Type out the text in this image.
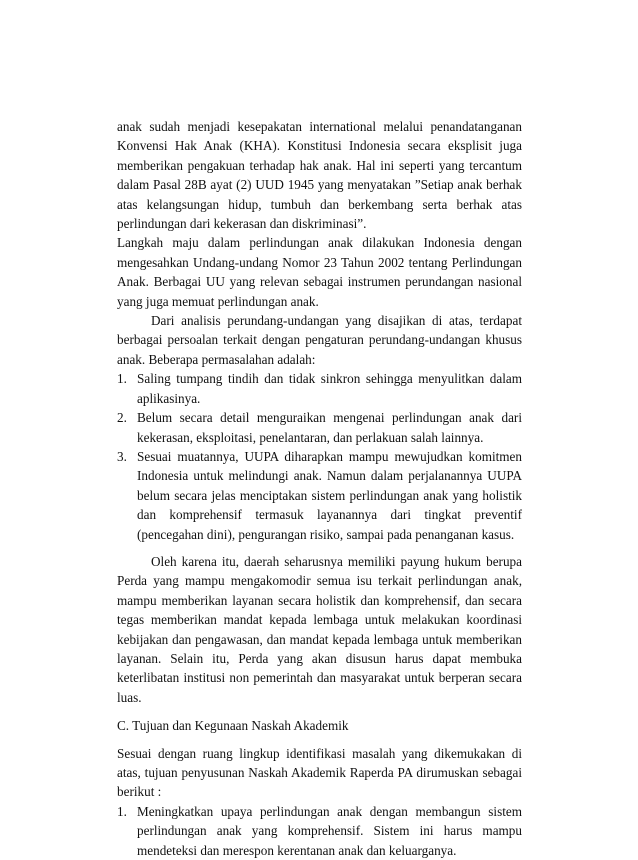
anak sudah menjadi kesepakatan international melalui penandatanganan Konvensi Hak Anak (KHA). Konstitusi Indonesia secara eksplisit juga memberikan pengakuan terhadap hak anak. Hal ini seperti yang tercantum dalam Pasal 28B ayat (2) UUD 1945 yang menyatakan ”Setiap anak berhak atas kelangsungan hidup, tumbuh dan berkembang serta berhak atas perlindungan dari kekerasan dan diskriminasi”.

Langkah maju dalam perlindungan anak dilakukan Indonesia dengan mengesahkan Undang-undang Nomor 23 Tahun 2002 tentang Perlindungan Anak. Berbagai UU yang relevan sebagai instrumen perundangan nasional yang juga memuat perlindungan anak.

Dari analisis perundang-undangan yang disajikan di atas, terdapat berbagai persoalan terkait dengan pengaturan perundang-undangan khusus anak. Beberapa permasalahan adalah:

1. Saling tumpang tindih dan tidak sinkron sehingga menyulitkan dalam aplikasinya.
2. Belum secara detail menguraikan mengenai perlindungan anak dari kekerasan, eksploitasi, penelantaran, dan perlakuan salah lainnya.
3. Sesuai muatannya, UUPA diharapkan mampu mewujudkan komitmen Indonesia untuk melindungi anak. Namun dalam perjalanannya UUPA belum secara jelas menciptakan sistem perlindungan anak yang holistik dan komprehensif termasuk layanannya dari tingkat preventif (pencegahan dini), pengurangan risiko, sampai pada penanganan kasus.

Oleh karena itu, daerah seharusnya memiliki payung hukum berupa Perda yang mampu mengakomodir semua isu terkait perlindungan anak, mampu memberikan layanan secara holistik dan komprehensif, dan secara tegas memberikan mandat kepada lembaga untuk melakukan koordinasi kebijakan dan pengawasan, dan mandat kepada lembaga untuk memberikan layanan. Selain itu, Perda yang akan disusun harus dapat membuka keterlibatan institusi non pemerintah dan masyarakat untuk berperan secara luas.

C. Tujuan dan Kegunaan Naskah Akademik

Sesuai dengan ruang lingkup identifikasi masalah yang dikemukakan di atas, tujuan penyusunan Naskah Akademik Raperda PA dirumuskan sebagai berikut :

1. Meningkatkan upaya perlindungan anak dengan membangun sistem perlindungan anak yang komprehensif. Sistem ini harus mampu mendeteksi dan merespon kerentanan anak dan keluarganya.
